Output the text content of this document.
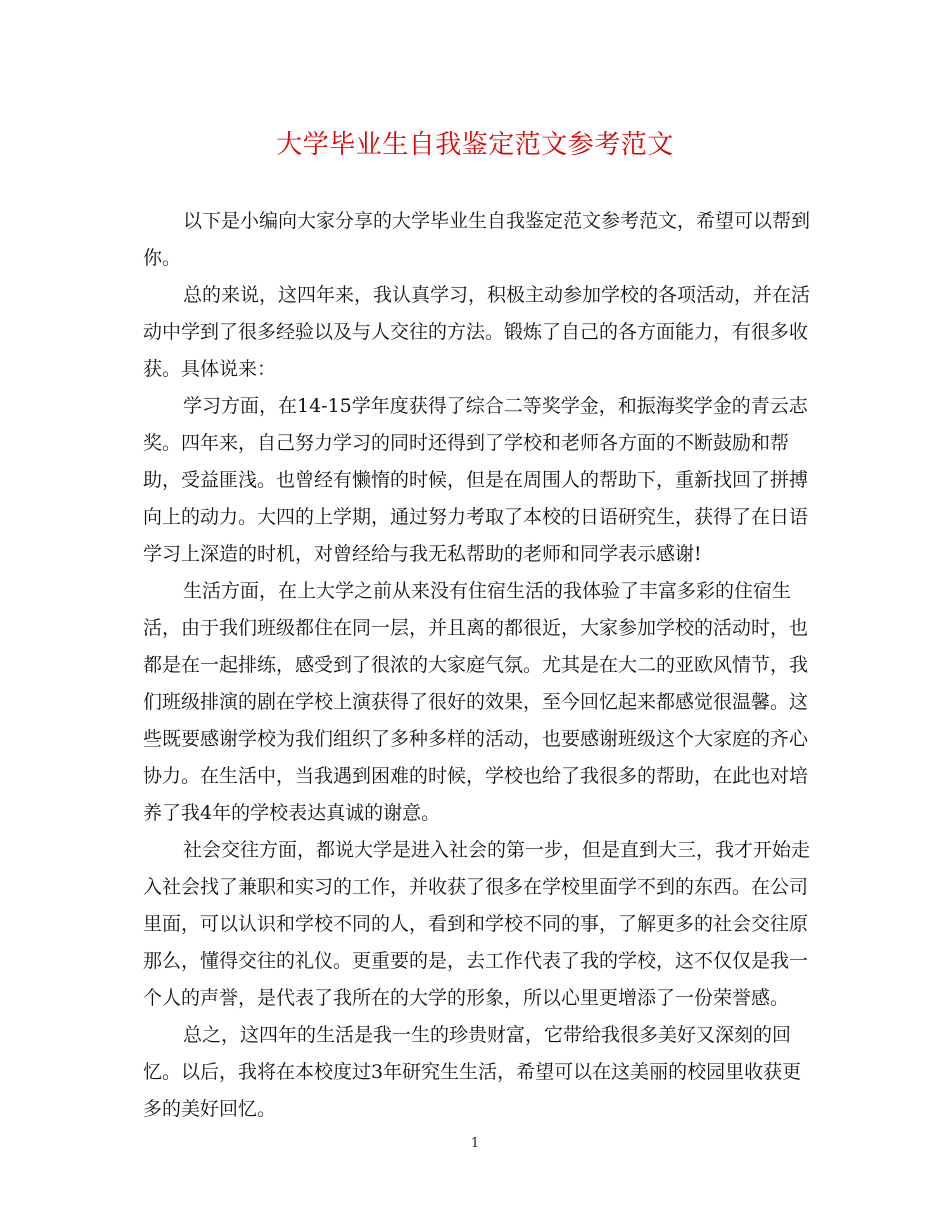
大学毕业生自我鉴定范文参考范文

以下是小编向大家分享的大学毕业生自我鉴定范文参考范文，希望可以帮到
你。

总的来说，这四年来，我认真学习，积极主动参加学校的各项活动，并在活
动中学到了很多经验以及与人交往的方法。锻炼了自己的各方面能力，有很多收
获。具体说来：

学习方面，在14-15学年度获得了综合二等奖学金，和振海奖学金的青云志
奖。四年来，自己努力学习的同时还得到了学校和老师各方面的不断鼓励和帮
助，受益匪浅。也曾经有懒惰的时候，但是在周围人的帮助下，重新找回了拼搏
向上的动力。大四的上学期，通过努力考取了本校的日语研究生，获得了在日语
学习上深造的时机，对曾经给与我无私帮助的老师和同学表示感谢!

生活方面，在上大学之前从来没有住宿生活的我体验了丰富多彩的住宿生
活，由于我们班级都住在同一层，并且离的都很近，大家参加学校的活动时，也
都是在一起排练，感受到了很浓的大家庭气氛。尤其是在大二的亚欧风情节，我
们班级排演的剧在学校上演获得了很好的效果，至今回忆起来都感觉很温馨。这
些既要感谢学校为我们组织了多种多样的活动，也要感谢班级这个大家庭的齐心
协力。在生活中，当我遇到困难的时候，学校也给了我很多的帮助，在此也对培
养了我4年的学校表达真诚的谢意。

社会交往方面，都说大学是进入社会的第一步，但是直到大三，我才开始走
入社会找了兼职和实习的工作，并收获了很多在学校里面学不到的东西。在公司
里面，可以认识和学校不同的人，看到和学校不同的事，了解更多的社会交往原
那么，懂得交往的礼仪。更重要的是，去工作代表了我的学校，这不仅仅是我一
个人的声誉，是代表了我所在的大学的形象，所以心里更增添了一份荣誉感。

总之，这四年的生活是我一生的珍贵财富，它带给我很多美好又深刻的回
忆。以后，我将在本校度过3年研究生生活，希望可以在这美丽的校园里收获更
多的美好回忆。

1
